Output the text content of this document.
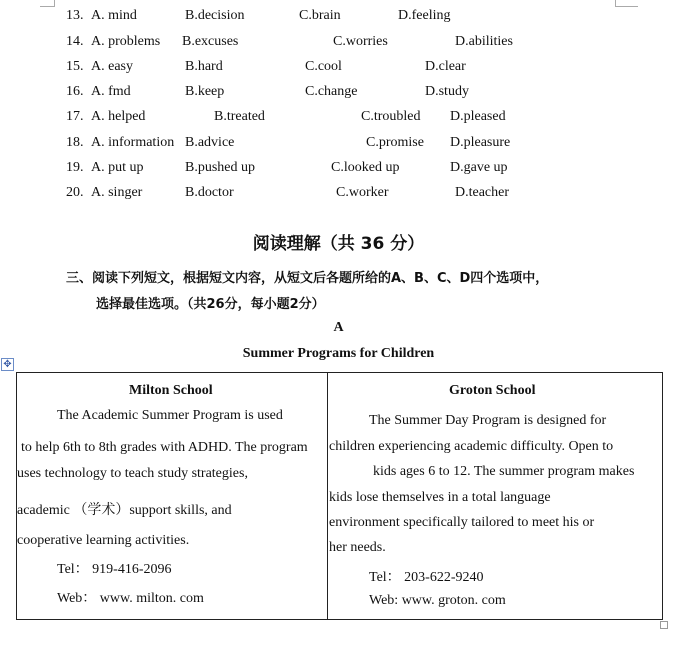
13. A. mind	B.decision	C.brain	D.feeling
14. A. problems B.excuses	C.worries	D.abilities
15. A. easy	B.hard	C.cool	D.clear
16. A. fmd	B.keep	C.change	D.study
17. A. helped	B.treated	C.troubled D.pleased
18. A. information B.advice	C.promise D.pleasure
19. A. put up	B.pushed up	C.looked up	D.gave up
20. A. singer	B.doctor	C.worker	D.teacher
阅读理解（共 36 分）
三、阅读下列短文，根据短文内容，从短文后各题所给的A、B、C、D四个选项中，
选择最佳选项。（共26分，每小题2分）
A
Summer Programs for Children
✥
Milton School
The Academic Summer Program is used
to help 6th to 8th grades with ADHD. The program
uses technology to teach study strategies,
academic （学术）support skills, and
cooperative learning activities.
Tel： 919-416-2096
Web： www. milton. com
Groton School
The Summer Day Program is designed for
children experiencing academic difficulty. Open to
kids ages 6 to 12. The summer program makes
kids lose themselves in a total language
environment specifically tailored to meet his or
her needs.
Tel： 203-622-9240
Web: www. groton. com
